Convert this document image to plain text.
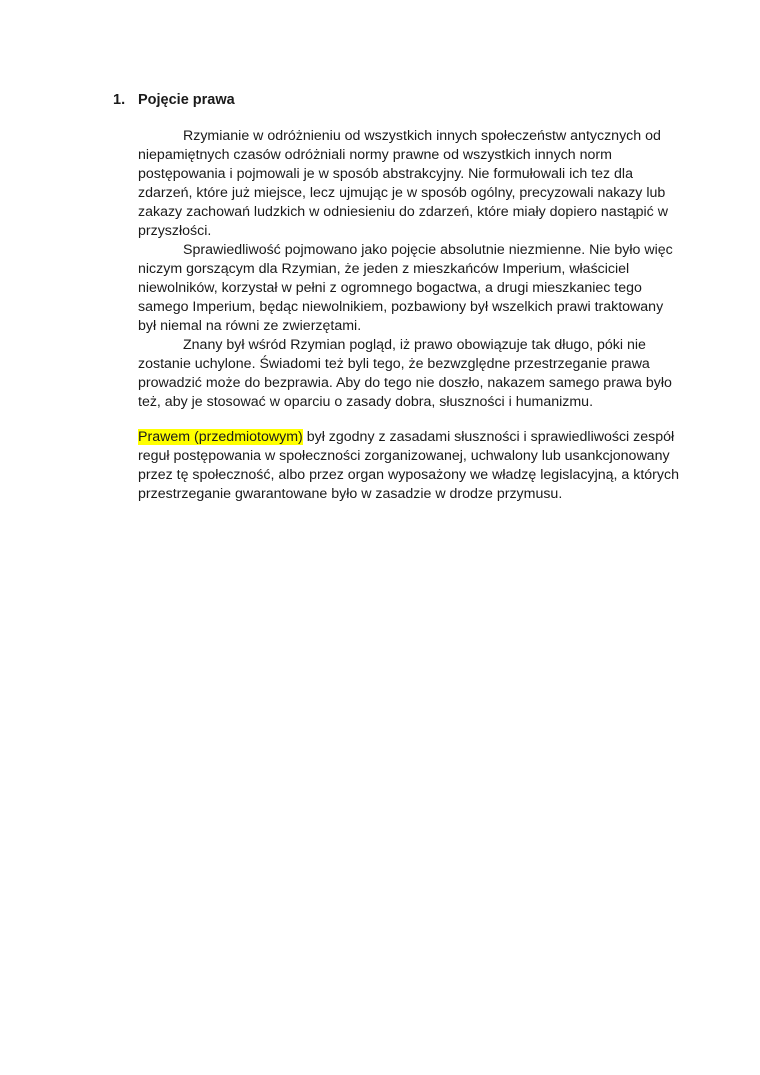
1. Pojęcie prawa
Rzymianie w odróżnieniu od wszystkich innych społeczeństw antycznych od
niepamiętnych czasów odróżniali normy prawne od wszystkich innych norm
postępowania i pojmowali je w sposób abstrakcyjny. Nie formułowali ich tez dla
zdarzeń, które już miejsce, lecz ujmując je w sposób ogólny, precyzowali nakazy lub
zakazy zachowań ludzkich w odniesieniu do zdarzeń, które miały dopiero nastąpić w
przyszłości.
Sprawiedliwość pojmowano jako pojęcie absolutnie niezmienne. Nie było więc
niczym gorszącym dla Rzymian, że jeden z mieszkańców Imperium, właściciel
niewolników, korzystał w pełni z ogromnego bogactwa, a drugi mieszkaniec tego
samego Imperium, będąc niewolnikiem, pozbawiony był wszelkich prawi traktowany
był niemal na równi ze zwierzętami.
Znany był wśród Rzymian pogląd, iż prawo obowiązuje tak długo, póki nie
zostanie uchylone. Świadomi też byli tego, że bezwzględne przestrzeganie prawa
prowadzić może do bezprawia. Aby do tego nie doszło, nakazem samego prawa było
też, aby je stosować w oparciu o zasady dobra, słuszności i humanizmu.
Prawem (przedmiotowym) był zgodny z zasadami słuszności i sprawiedliwości zespół
reguł postępowania w społeczności zorganizowanej, uchwalony lub usankcjonowany
przez tę społeczność, albo przez organ wyposażony we władzę legislacyjną, a których
przestrzeganie gwarantowane było w zasadzie w drodze przymusu.
